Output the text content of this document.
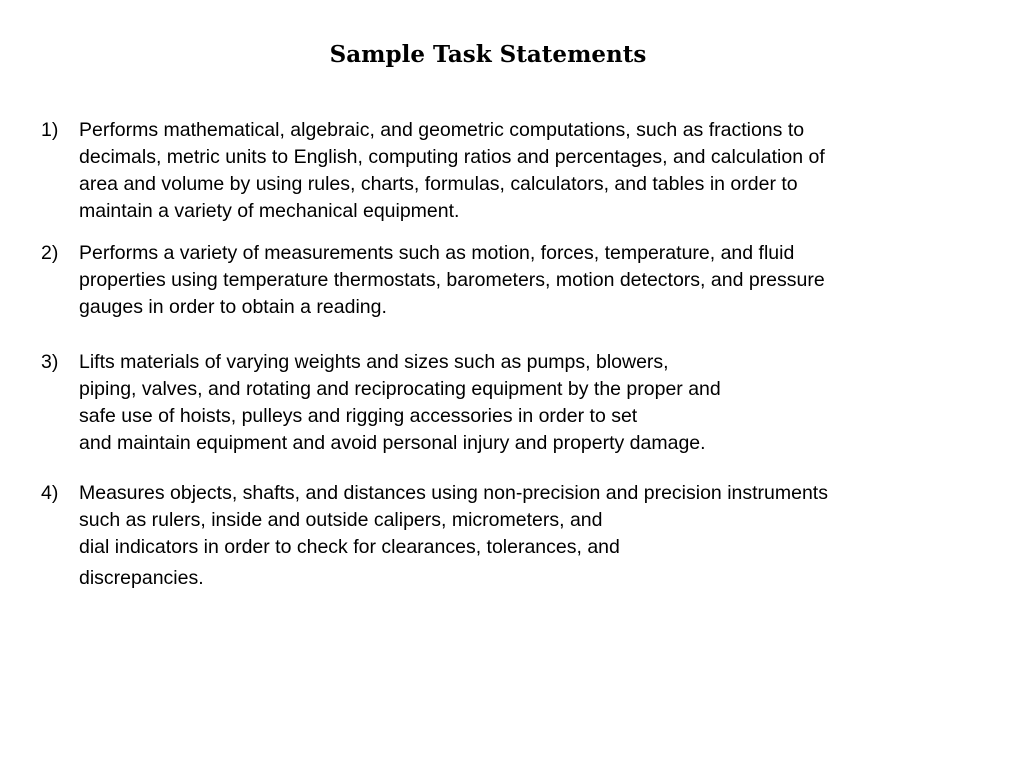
Sample Task Statements
1) Performs mathematical, algebraic, and geometric computations, such as fractions to
decimals, metric units to English, computing ratios and percentages, and calculation of
area and volume by using rules, charts, formulas, calculators, and tables in order to
maintain a variety of mechanical equipment.
2) Performs a variety of measurements such as motion, forces, temperature, and fluid
properties using temperature thermostats, barometers, motion detectors, and pressure
gauges in order to obtain a reading.
3) Lifts materials of varying weights and sizes such as pumps, blowers,
piping, valves, and rotating and reciprocating equipment by the proper and
safe use of hoists, pulleys and rigging accessories in order to set
and maintain equipment and avoid personal injury and property damage.
4) Measures objects, shafts, and distances using non-precision and precision instruments
such as rulers, inside and outside calipers, micrometers, and
dial indicators in order to check for clearances, tolerances, and
discrepancies.
